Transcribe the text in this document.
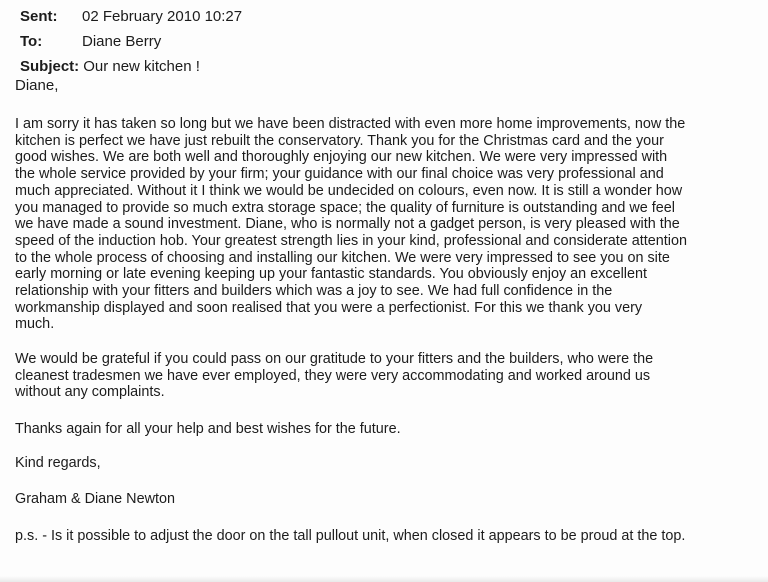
Sent:	02 February 2010 10:27
To:	Diane Berry
Subject: Our new kitchen !
Diane,
I am sorry it has taken so long but we have been distracted with even more home improvements, now the
kitchen is perfect we have just rebuilt the conservatory. Thank you for the Christmas card and the your
good wishes. We are both well and thoroughly enjoying our new kitchen. We were very impressed with
the whole service provided by your firm; your guidance with our final choice was very professional and
much appreciated. Without it I think we would be undecided on colours, even now. It is still a wonder how
you managed to provide so much extra storage space; the quality of furniture is outstanding and we feel
we have made a sound investment. Diane, who is normally not a gadget person, is very pleased with the
speed of the induction hob. Your greatest strength lies in your kind, professional and considerate attention
to the whole process of choosing and installing our kitchen. We were very impressed to see you on site
early morning or late evening keeping up your fantastic standards. You obviously enjoy an excellent
relationship with your fitters and builders which was a joy to see. We had full confidence in the
workmanship displayed and soon realised that you were a perfectionist. For this we thank you very
much.
We would be grateful if you could pass on our gratitude to your fitters and the builders, who were the
cleanest tradesmen we have ever employed, they were very accommodating and worked around us
without any complaints.
Thanks again for all your help and best wishes for the future.
Kind regards,
Graham & Diane Newton
p.s. - Is it possible to adjust the door on the tall pullout unit, when closed it appears to be proud at the top.
